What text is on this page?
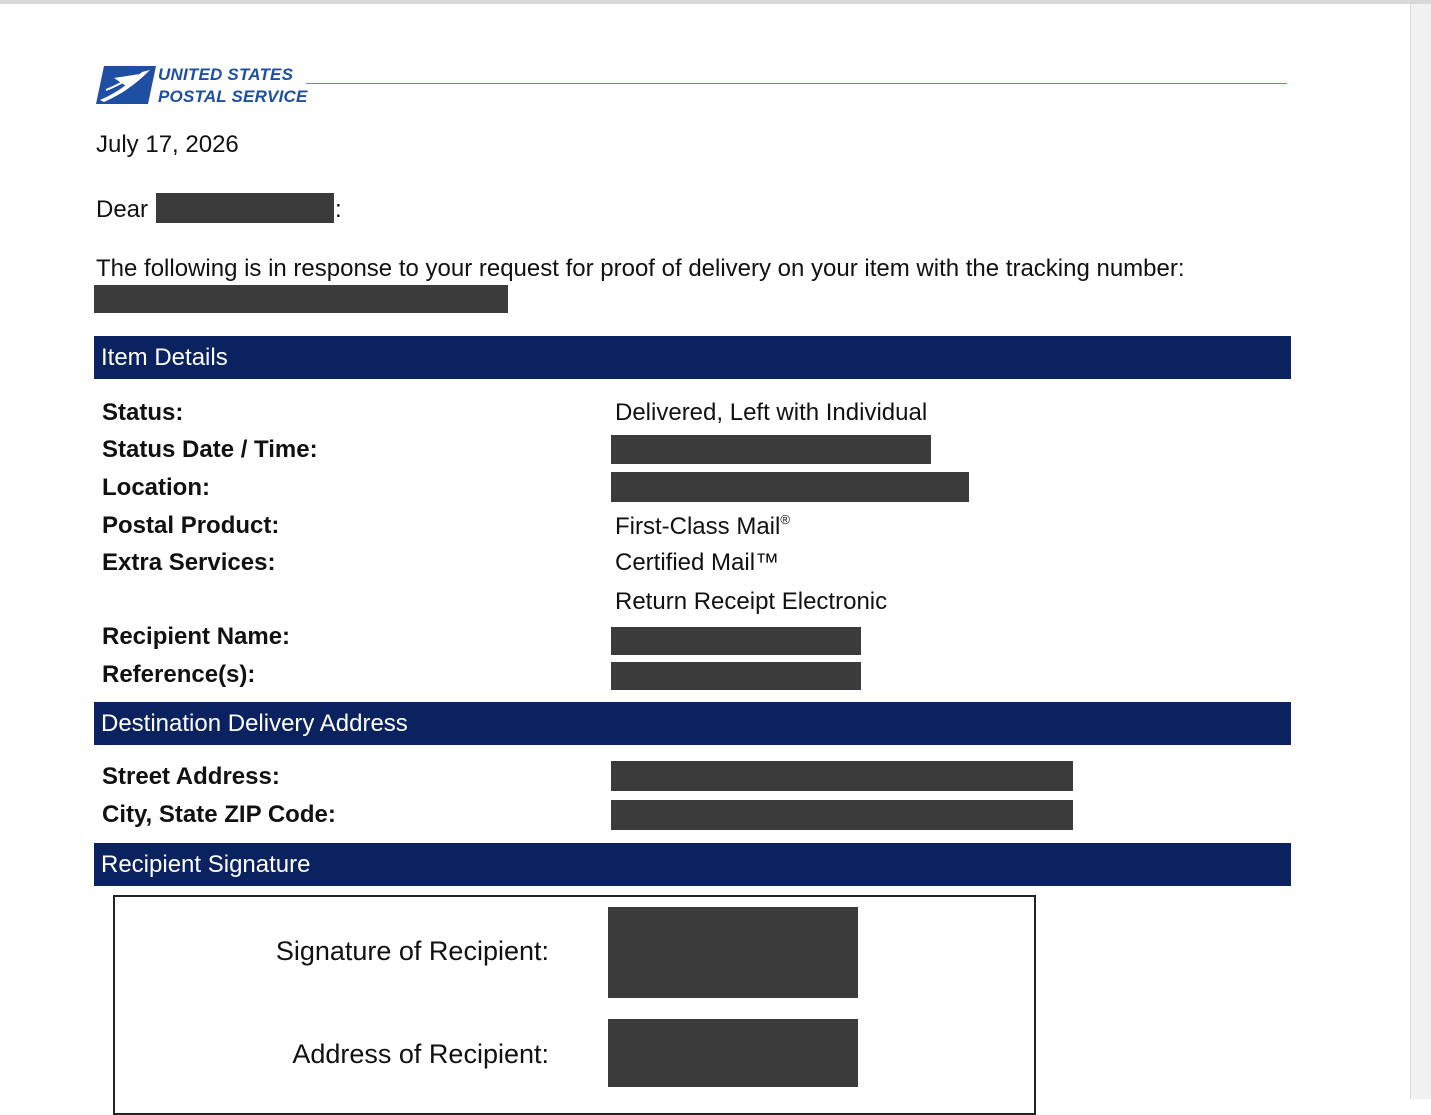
UNITED STATES
POSTAL SERVICE
July 17, 2026
Dear	:
The following is in response to your request for proof of delivery on your item with the tracking number:
Item Details
Status:	Delivered, Left with Individual
Status Date / Time:
Location:
Postal Product:	First-Class Mail®
Extra Services:	Certified Mail™
Return Receipt Electronic
Recipient Name:
Reference(s):
Destination Delivery Address
Street Address:
City, State ZIP Code:
Recipient Signature
Signature of Recipient:
Address of Recipient:
